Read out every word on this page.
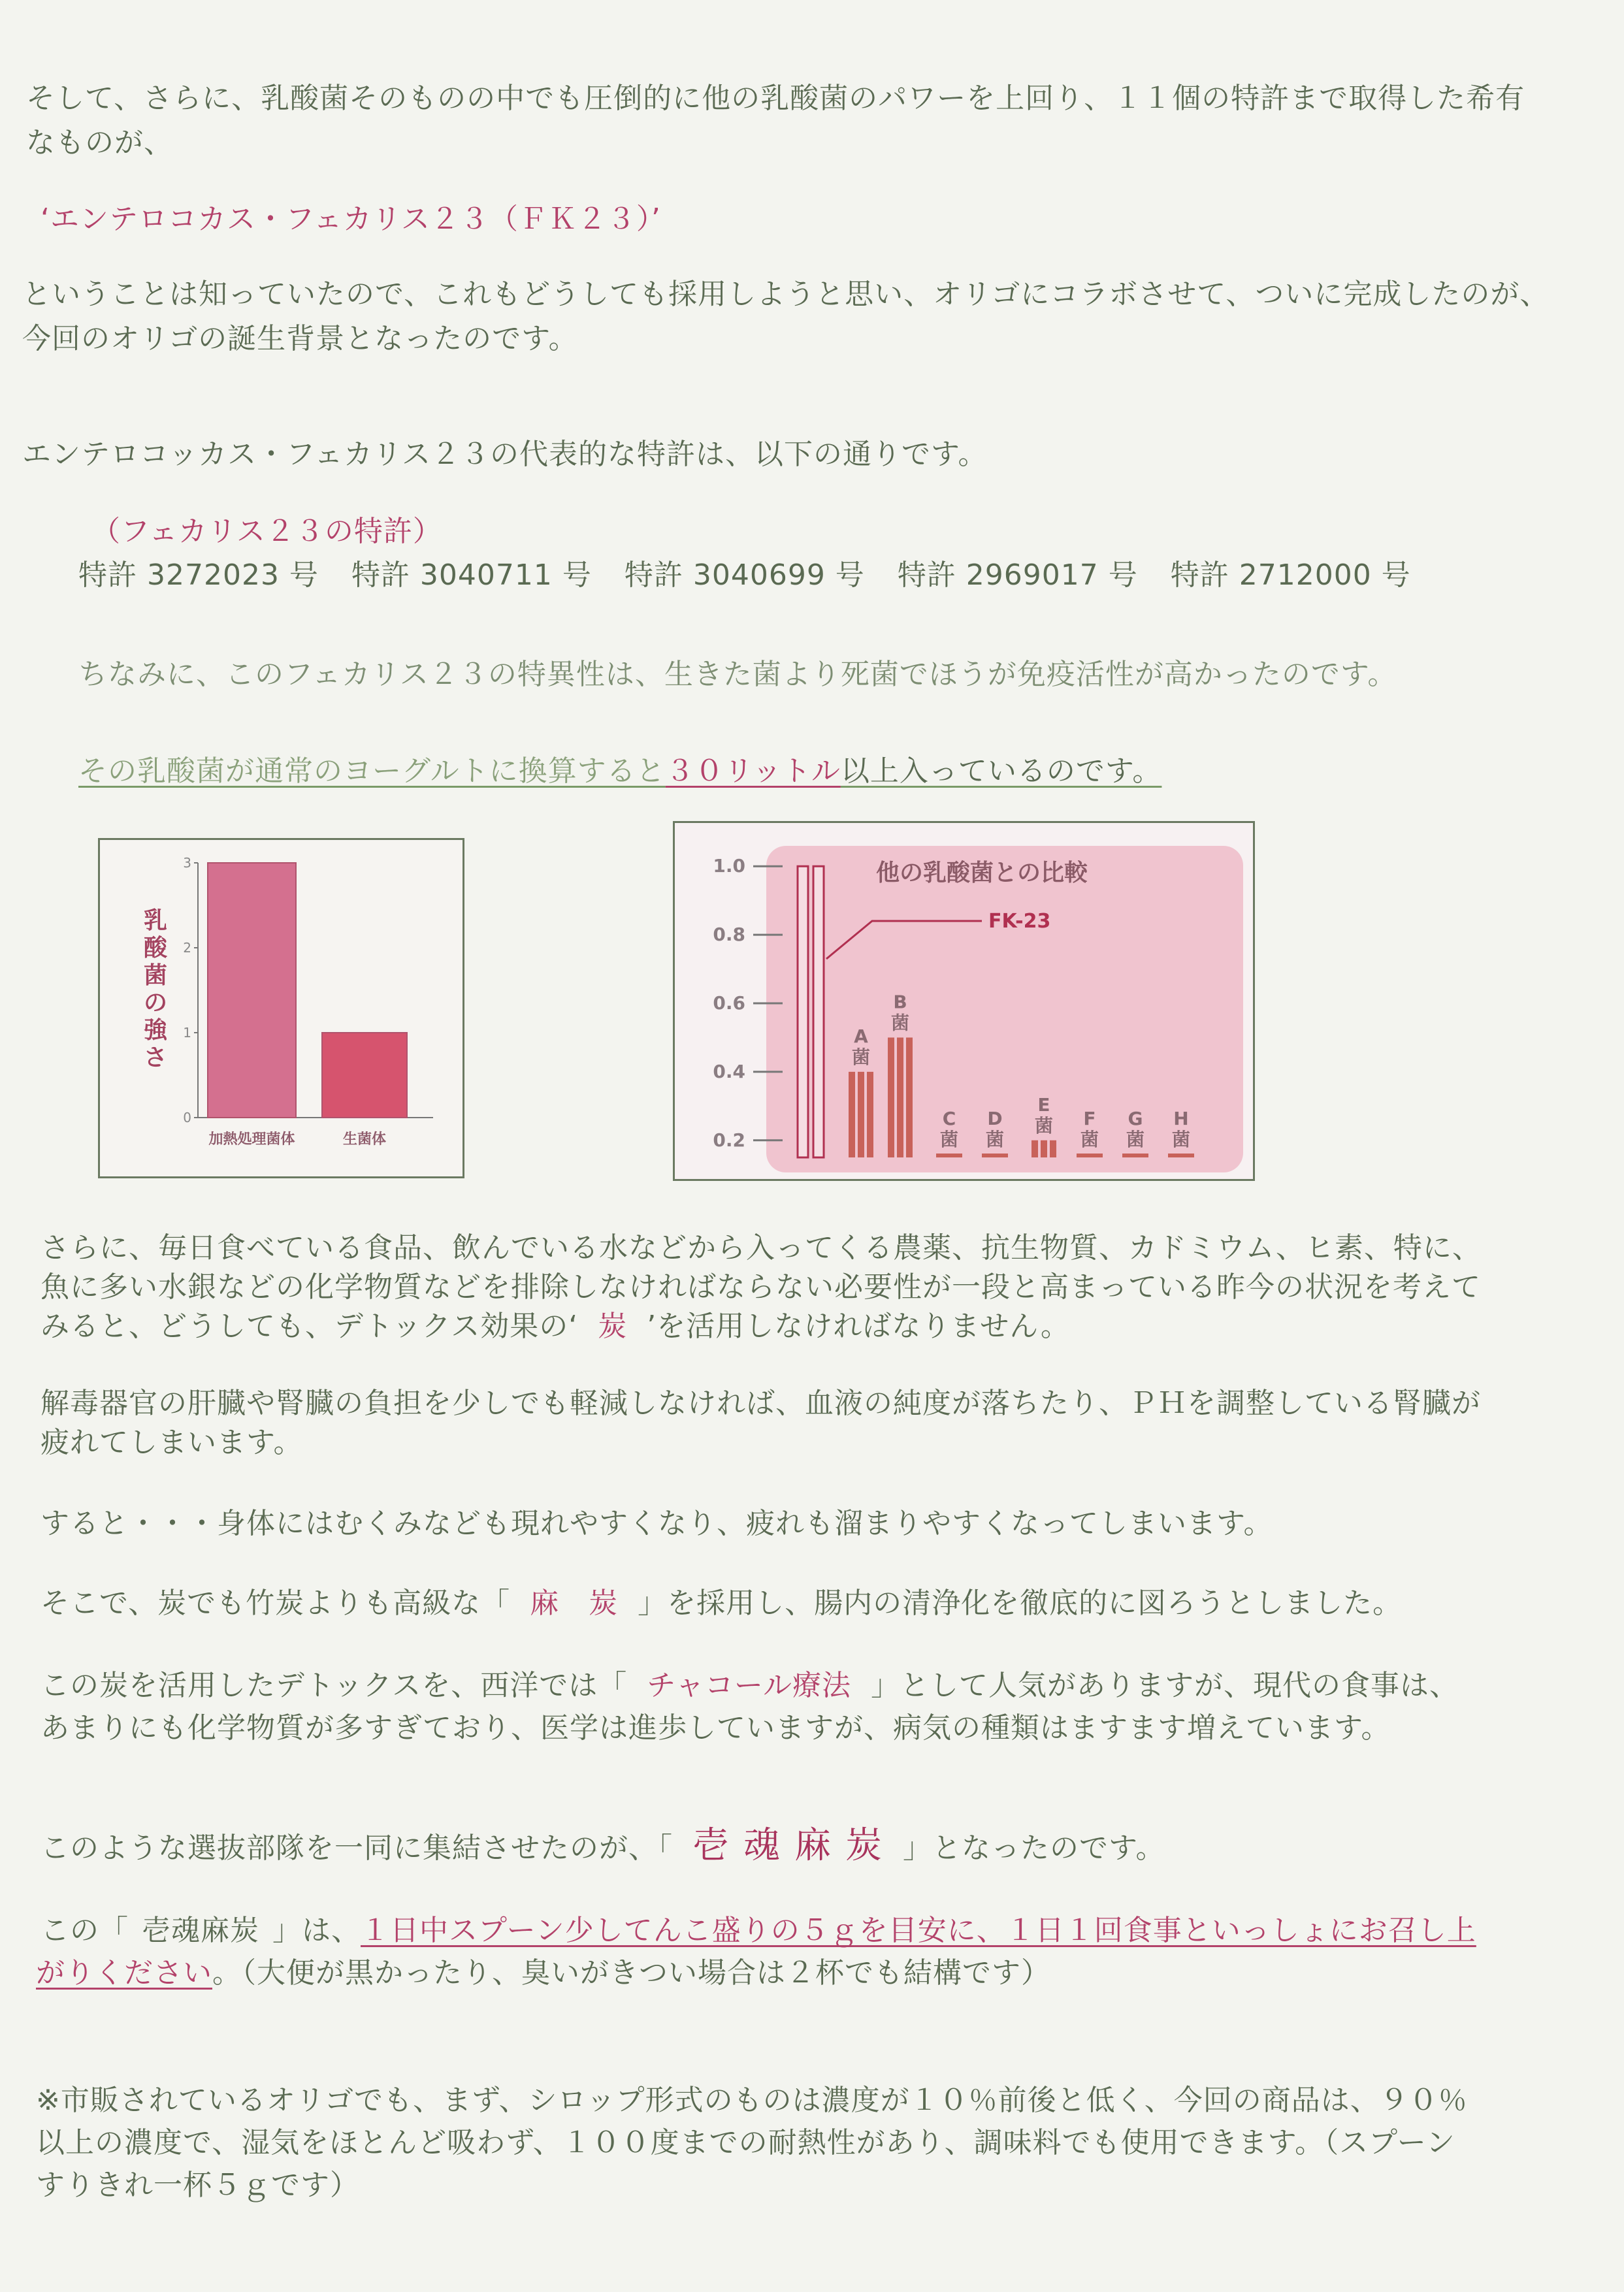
そして、さらに、乳酸菌そのものの中でも圧倒的に他の乳酸菌のパワーを上回り、１１個の特許まで取得した希有
なものが、
‘エンテロコカス・フェカリス２３（ＦＫ２３）’
ということは知っていたので、これもどうしても採用しようと思い、オリゴにコラボさせて、ついに完成したのが、
今回のオリゴの誕生背景となったのです。
エンテロコッカス・フェカリス２３の代表的な特許は、以下の通りです。
（フェカリス２３の特許）
特許 3272023 号 特許 3040711 号 特許 3040699 号 特許 2969017 号 特許 2712000 号
ちなみに、このフェカリス２３の特異性は、生きた菌より死菌でほうが免疫活性が高かったのです。
その乳酸菌が通常のヨーグルトに換算すると３０リットル以上入っているのです。
3
2
1
0
乳
酸
菌
の
強
さ
加熱処理菌体	生菌体
1.0
0.8
0.6
0.4
0.2
他の乳酸菌との比較
FK-23
A
菌
B
菌
C
菌
D
菌
E
菌 F
菌
G
菌
H
菌
さらに、毎日食べている食品、飲んでいる水などから入ってくる農薬、抗生物質、カドミウム、ヒ素、特に、
魚に多い水銀などの化学物質などを排除しなければならない必要性が一段と高まっている昨今の状況を考えて
みると、どうしても、デトックス効果の‘ 炭 ’を活用しなければなりません。
解毒器官の肝臓や腎臓の負担を少しでも軽減しなければ、血液の純度が落ちたり、ＰＨを調整している腎臓が
疲れてしまいます。
すると・・・身体にはむくみなども現れやすくなり、疲れも溜まりやすくなってしまいます。
そこで、炭でも竹炭よりも高級な「 麻　炭 」を採用し、腸内の清浄化を徹底的に図ろうとしました。
この炭を活用したデトックスを、西洋では「 チャコール療法 」として人気がありますが、現代の食事は、
あまりにも化学物質が多すぎており、医学は進歩していますが、病気の種類はますます増えています。
このような選抜部隊を一同に集結させたのが、「 壱魂麻炭 」となったのです。
この「 壱魂麻炭 」は、１日中スプーン少してんこ盛りの５ｇを目安に、１日１回食事といっしょにお召し上
がりください。（大便が黒かったり、臭いがきつい場合は２杯でも結構です）
※市販されているオリゴでも、まず、シロップ形式のものは濃度が１０％前後と低く、今回の商品は、９０％
以上の濃度で、湿気をほとんど吸わず、１００度までの耐熱性があり、調味料でも使用できます。（スプーン
すりきれ一杯５ｇです）
